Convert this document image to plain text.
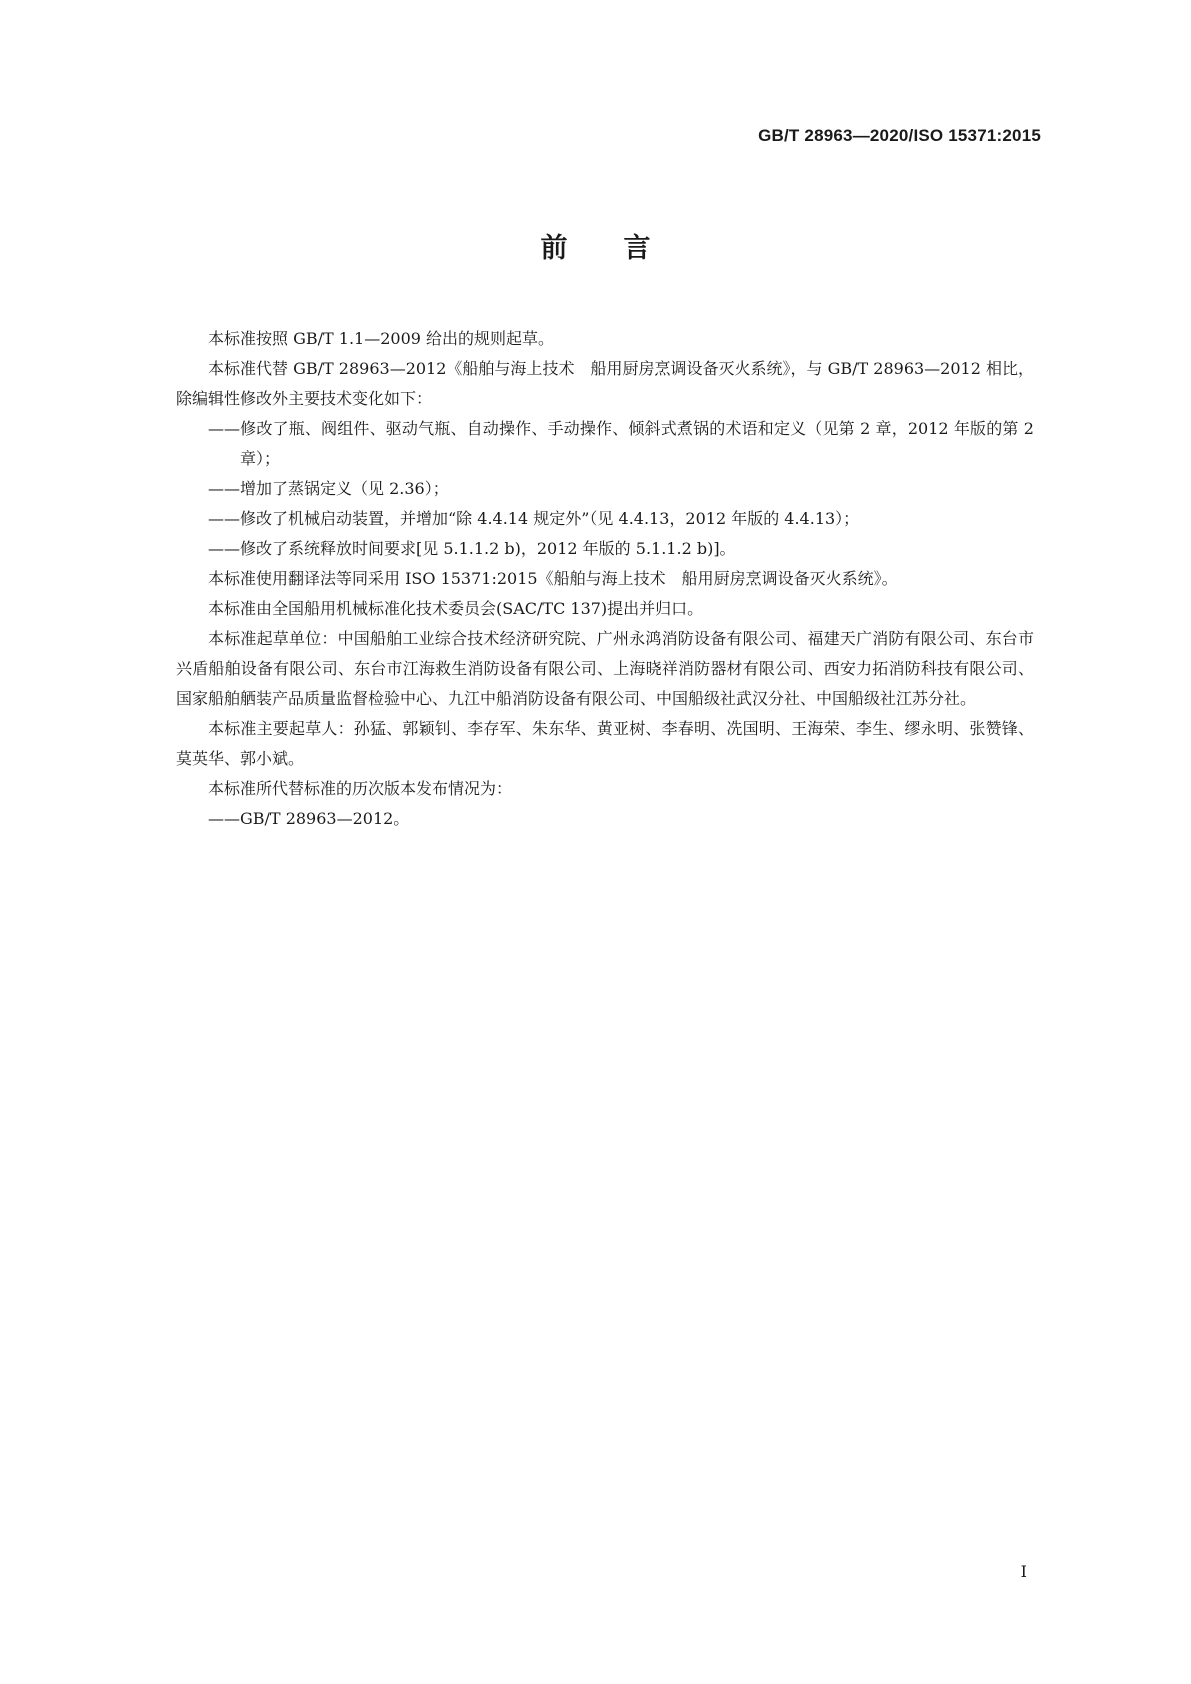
GB/T 28963—2020/ISO 15371:2015
前言

本标准按照 GB/T 1.1—2009 给出的规则起草。

本标准代替 GB/T 28963—2012《船舶与海上技术　船用厨房烹调设备灭火系统》，与 GB/T 28963—2012 相比，除编辑性修改外主要技术变化如下：

——修改了瓶、阀组件、驱动气瓶、自动操作、手动操作、倾斜式煮锅的术语和定义（见第 2 章，2012 年版的第 2 章）；

——增加了蒸锅定义（见 2.36）；

——修改了机械启动装置，并增加“除 4.4.14 规定外”（见 4.4.13，2012 年版的 4.4.13）；

——修改了系统释放时间要求[见 5.1.1.2 b)，2012 年版的 5.1.1.2 b)]。

本标准使用翻译法等同采用 ISO 15371:2015《船舶与海上技术　船用厨房烹调设备灭火系统》。

本标准由全国船用机械标准化技术委员会(SAC/TC 137)提出并归口。

本标准起草单位：中国船舶工业综合技术经济研究院、广州永鸿消防设备有限公司、福建天广消防有限公司、东台市兴盾船舶设备有限公司、东台市江海救生消防设备有限公司、上海晓祥消防器材有限公司、西安力拓消防科技有限公司、国家船舶舾装产品质量监督检验中心、九江中船消防设备有限公司、中国船级社武汉分社、中国船级社江苏分社。

本标准主要起草人：孙猛、郭颖钊、李存军、朱东华、黄亚树、李春明、冼国明、王海荣、李生、缪永明、张赞锋、莫英华、郭小斌。

本标准所代替标准的历次版本发布情况为：

——GB/T 28963—2012。

I
